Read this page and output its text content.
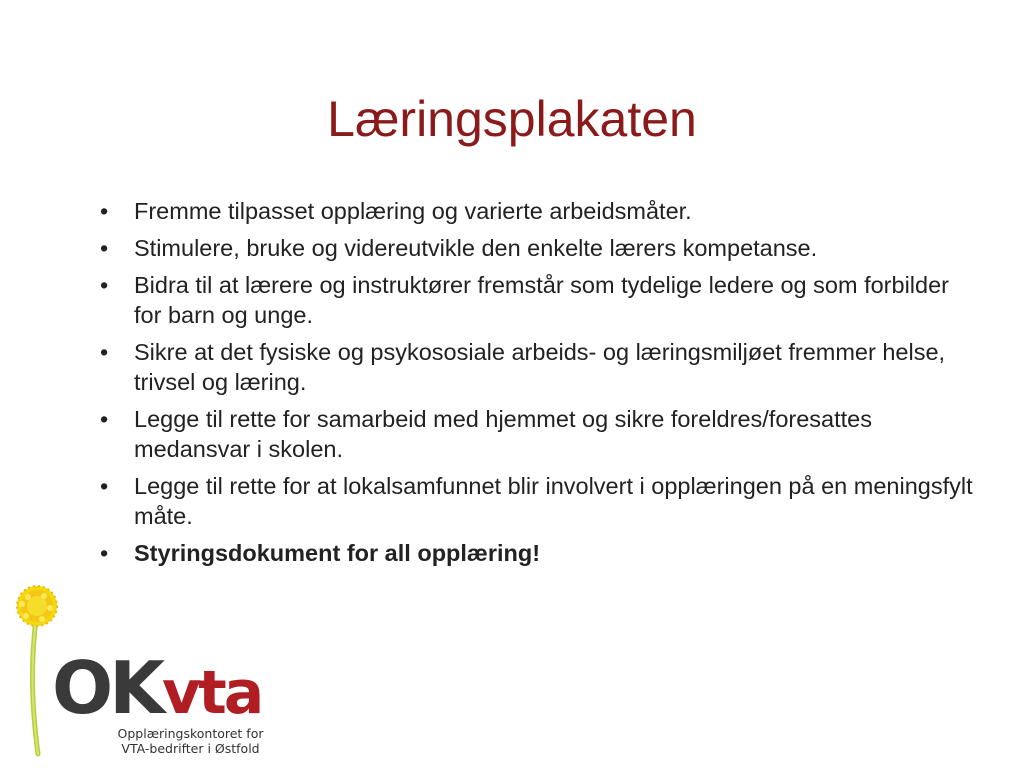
Læringsplakaten
•	Fremme tilpasset opplæring og varierte arbeidsmåter.
•	Stimulere, bruke og videreutvikle den enkelte lærers kompetanse.
•	Bidra til at lærere og instruktører fremstår som tydelige ledere og som forbilder for barn og unge.
•	Sikre at det fysiske og psykososiale arbeids- og læringsmiljøet fremmer helse, trivsel og læring.
•	Legge til rette for samarbeid med hjemmet og sikre foreldres/foresattes medansvar i skolen.
•	Legge til rette for at lokalsamfunnet blir involvert i opplæringen på en meningsfylt måte.
•	Styringsdokument for all opplæring!
OK vta
Opplæringskontoret for
VTA-bedrifter i Østfold
